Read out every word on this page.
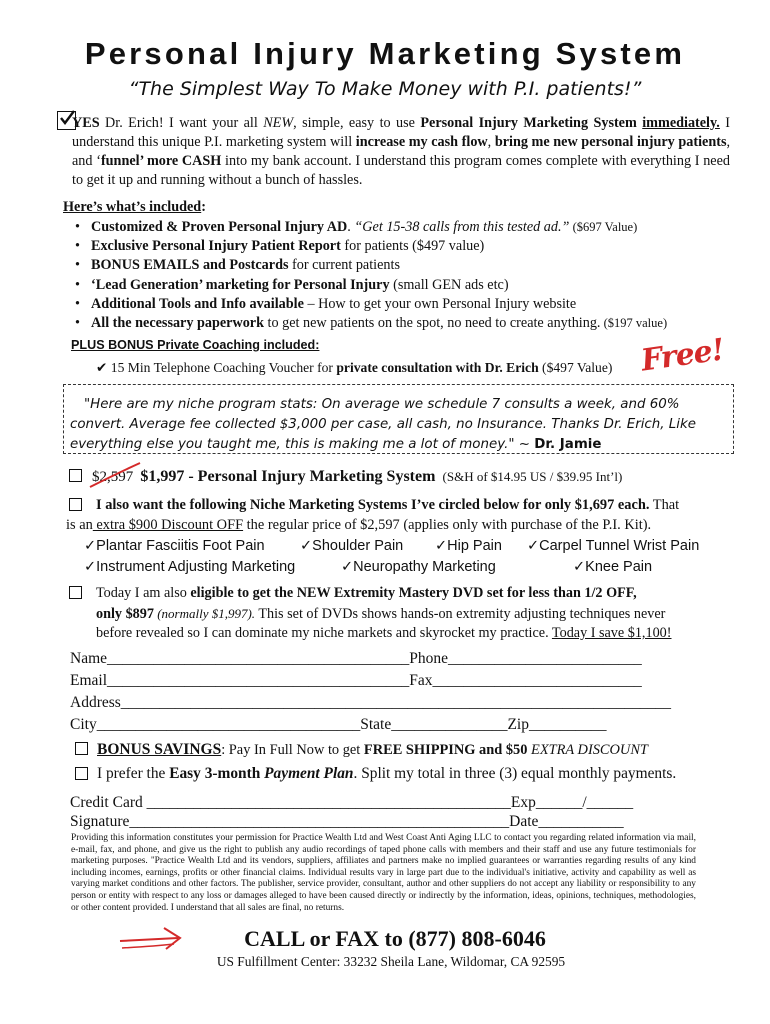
Personal Injury Marketing System
“The Simplest Way To Make Money with P.I. patients!”
YES Dr. Erich! I want your all NEW, simple, easy to use Personal Injury Marketing System immediately. I understand this unique P.I. marketing system will increase my cash flow, bring me new personal injury patients, and ‘funnel’ more CASH into my bank account. I understand this program comes complete with everything I need to get it up and running without a bunch of hassles.
Here’s what’s included:
• Customized & Proven Personal Injury AD. “Get 15-38 calls from this tested ad.” ($697 Value)
• Exclusive Personal Injury Patient Report for patients ($497 value)
• BONUS EMAILS and Postcards for current patients
• ‘Lead Generation’ marketing for Personal Injury (small GEN ads etc)
• Additional Tools and Info available – How to get your own Personal Injury website
• All the necessary paperwork to get new patients on the spot, no need to create anything. ($197 value)
PLUS BONUS Private Coaching included:
✔ 15 Min Telephone Coaching Voucher for private consultation with Dr. Erich ($497 Value) Free!
"Here are my niche program stats: On average we schedule 7 consults a week, and 60% convert. Average fee collected $3,000 per case, all cash, no Insurance. Thanks Dr. Erich, Like everything else you taught me, this is making me a lot of money." ~ Dr. Jamie
$2,597 $1,997 - Personal Injury Marketing System (S&H of $14.95 US / $39.95 Int’l)
I also want the following Niche Marketing Systems I’ve circled below for only $1,697 each. That
is an extra $900 Discount OFF the regular price of $2,597 (applies only with purchase of the P.I. Kit).
✓Plantar Fasciitis Foot Pain ✓Shoulder Pain ✓Hip Pain ✓Carpel Tunnel Wrist Pain
✓Instrument Adjusting Marketing	✓Neuropathy Marketing	✓Knee Pain
Today I am also eligible to get the NEW Extremity Mastery DVD set for less than 1/2 OFF,
only $897 (normally $1,997). This set of DVDs shows hands-on extremity adjusting techniques never
before revealed so I can dominate my niche markets and skyrocket my practice. Today I save $1,100!
Name_______________________________________Phone_________________________
Email_______________________________________Fax___________________________
Address_______________________________________________________________________
City__________________________________State_______________Zip__________
BONUS SAVINGS: Pay In Full Now to get FREE SHIPPING and $50 EXTRA DISCOUNT
I prefer the Easy 3-month Payment Plan. Split my total in three (3) equal monthly payments.
Credit Card _______________________________________________Exp______/______
Signature_________________________________________________Date___________
Providing this information constitutes your permission for Practice Wealth Ltd and West Coast Anti Aging LLC to contact you regarding related information via mail, e-mail, fax, and phone, and give us the right to publish any audio recordings of taped phone calls with members and their staff and use any future testimonials for marketing purposes. "Practice Wealth Ltd and its vendors, suppliers, affiliates and partners make no implied guarantees or warranties regarding results of any kind including incomes, earnings, profits or other financial claims. Individual results vary in large part due to the individual's initiative, activity and capability as well as varying market conditions and other factors. The publisher, service provider, consultant, author and other suppliers do not accept any liability or responsibility to any person or entity with respect to any loss or damages alleged to have been caused directly or indirectly by the information, ideas, opinions, techniques, methodologies, or other content provided. I understand that all sales are final, no returns.
CALL or FAX to (877) 808-6046
US Fulfillment Center: 33232 Sheila Lane, Wildomar, CA 92595
